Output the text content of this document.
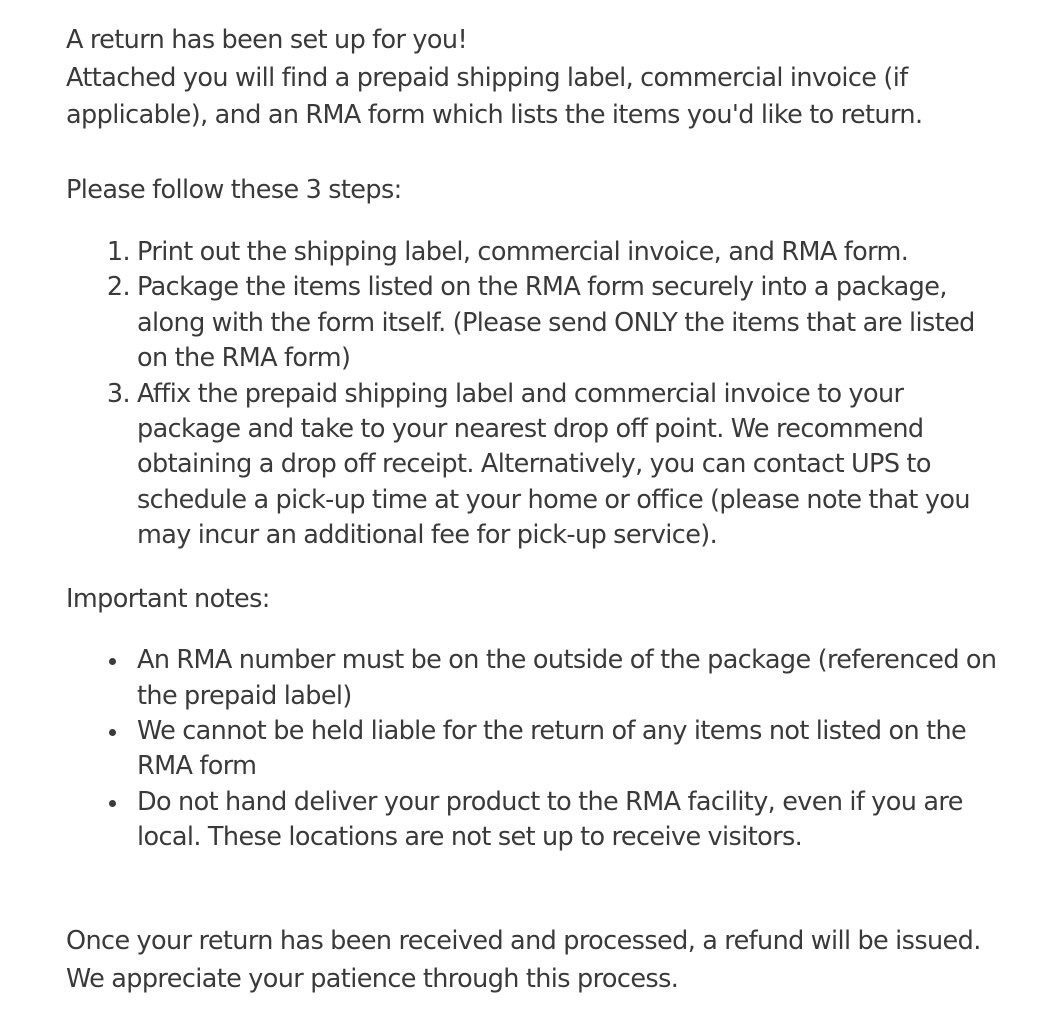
A return has been set up for you!
Attached you will find a prepaid shipping label, commercial invoice (if applicable), and an RMA form which lists the items you'd like to return.

Please follow these 3 steps:

1. Print out the shipping label, commercial invoice, and RMA form.
2. Package the items listed on the RMA form securely into a package, along with the form itself. (Please send ONLY the items that are listed on the RMA form)
3. Affix the prepaid shipping label and commercial invoice to your package and take to your nearest drop off point. We recommend obtaining a drop off receipt. Alternatively, you can contact UPS to schedule a pick-up time at your home or office (please note that you may incur an additional fee for pick-up service).

Important notes:

An RMA number must be on the outside of the package (referenced on the prepaid label)
We cannot be held liable for the return of any items not listed on the RMA form
Do not hand deliver your product to the RMA facility, even if you are local. These locations are not set up to receive visitors.

Once your return has been received and processed, a refund will be issued. We appreciate your patience through this process.
